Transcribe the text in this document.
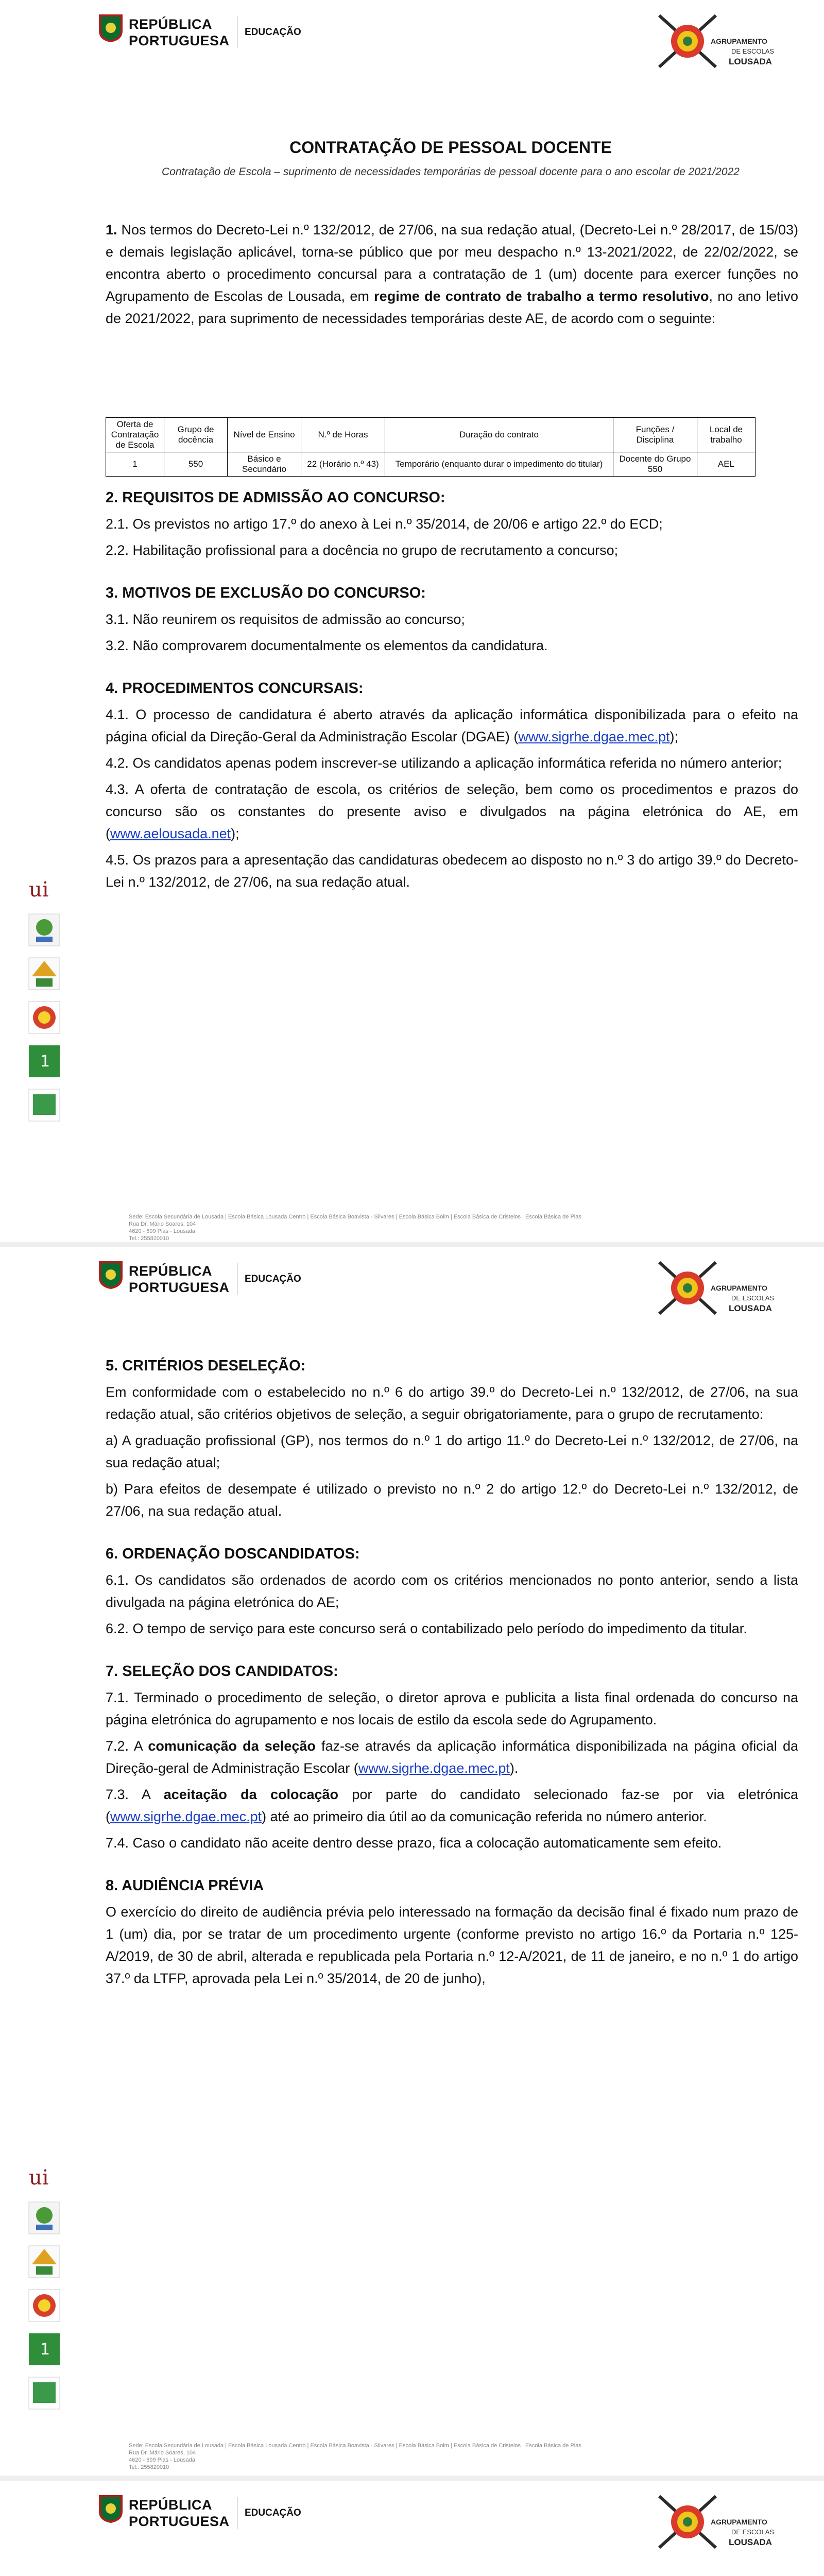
REPÚBLICA
PORTUGUESA
EDUCAÇÃO
AGRUPAMENTO
DE ESCOLAS
LOUSADA
ui
1
CONTRATAÇÃO DE PESSOAL DOCENTE
Contratação de Escola – suprimento de necessidades temporárias de pessoal docente para o ano escolar de 2021/2022

1. Nos termos do Decreto-Lei n.º 132/2012, de 27/06, na sua redação atual, (Decreto-Lei n.º 28/2017, de 15/03) e demais legislação aplicável, torna-se público que por meu despacho n.º 13-2021/2022, de 22/02/2022, se encontra aberto o procedimento concursal para a contratação de 1 (um) docente para exercer funções no Agrupamento de Escolas de Lousada, em regime de contrato de trabalho a termo resolutivo, no ano letivo de 2021/2022, para suprimento de necessidades temporárias deste AE, de acordo com o seguinte:

Oferta de Contratação de Escola	Grupo de docência	Nível de Ensino	N.º de Horas	Duração do contrato	Funções / Disciplina	Local de trabalho
1	550	Básico e Secundário	22 (Horário n.º 43)	Temporário (enquanto durar o impedimento do titular)	Docente do Grupo 550	AEL

2. REQUISITOS DE ADMISSÃO AO CONCURSO:

2.1. Os previstos no artigo 17.º do anexo à Lei n.º 35/2014, de 20/06 e artigo 22.º do ECD;

2.2. Habilitação profissional para a docência no grupo de recrutamento a concurso;

3. MOTIVOS DE EXCLUSÃO DO CONCURSO:

3.1. Não reunirem os requisitos de admissão ao concurso;

3.2. Não comprovarem documentalmente os elementos da candidatura.

4. PROCEDIMENTOS CONCURSAIS:

4.1. O processo de candidatura é aberto através da aplicação informática disponibilizada para o efeito na página oficial da Direção-Geral da Administração Escolar (DGAE) (www.sigrhe.dgae.mec.pt);

4.2. Os candidatos apenas podem inscrever-se utilizando a aplicação informática referida no número anterior;

4.3. A oferta de contratação de escola, os critérios de seleção, bem como os procedimentos e prazos do concurso são os constantes do presente aviso e divulgados na página eletrónica do AE, em (www.aelousada.net);

4.5. Os prazos para a apresentação das candidaturas obedecem ao disposto no n.º 3 do artigo 39.º do Decreto-Lei n.º 132/2012, de 27/06, na sua redação atual.

Sede: Escola Secundária de Lousada | Escola Básica Lousada Centro | Escola Básica Boavista - Silvares | Escola Básica Boim | Escola Básica de Cristelos | Escola Básica de Pias
Rua Dr. Mário Soares, 104
4620 - 699 Pias - Lousada
Tel.: 255820010
REPÚBLICA
PORTUGUESA
EDUCAÇÃO
AGRUPAMENTO
DE ESCOLAS
LOUSADA

5. CRITÉRIOS DESELEÇÃO:

Em conformidade com o estabelecido no n.º 6 do artigo 39.º do Decreto-Lei n.º 132/2012, de 27/06, na sua redação atual, são critérios objetivos de seleção, a seguir obrigatoriamente, para o grupo de recrutamento:

a) A graduação profissional (GP), nos termos do n.º 1 do artigo 11.º do Decreto-Lei n.º 132/2012, de 27/06, na sua redação atual;

b) Para efeitos de desempate é utilizado o previsto no n.º 2 do artigo 12.º do Decreto-Lei n.º 132/2012, de 27/06, na sua redação atual.

6. ORDENAÇÃO DOSCANDIDATOS:

6.1. Os candidatos são ordenados de acordo com os critérios mencionados no ponto anterior, sendo a lista divulgada na página eletrónica do AE;

6.2. O tempo de serviço para este concurso será o contabilizado pelo período do impedimento da titular.

7. SELEÇÃO DOS CANDIDATOS:

7.1. Terminado o procedimento de seleção, o diretor aprova e publicita a lista final ordenada do concurso na página eletrónica do agrupamento e nos locais de estilo da escola sede do Agrupamento.

7.2. A comunicação da seleção faz-se através da aplicação informática disponibilizada na página oficial da Direção-geral de Administração Escolar (www.sigrhe.dgae.mec.pt).

7.3. A aceitação da colocação por parte do candidato selecionado faz-se por via eletrónica (www.sigrhe.dgae.mec.pt) até ao primeiro dia útil ao da comunicação referida no número anterior.

7.4. Caso o candidato não aceite dentro desse prazo, fica a colocação automaticamente sem efeito.

8. AUDIÊNCIA PRÉVIA

O exercício do direito de audiência prévia pelo interessado na formação da decisão final é fixado num prazo de 1 (um) dia, por se tratar de um procedimento urgente (conforme previsto no artigo 16.º da Portaria n.º 125-A/2019, de 30 de abril, alterada e republicada pela Portaria n.º 12-A/2021, de 11 de janeiro, e no n.º 1 do artigo 37.º da LTFP, aprovada pela Lei n.º 35/2014, de 20 de junho),

ui
1
Sede: Escola Secundária de Lousada | Escola Básica Lousada Centro | Escola Básica Boavista - Silvares | Escola Básica Boim | Escola Básica de Cristelos | Escola Básica de Pias
Rua Dr. Mário Soares, 104
4620 - 699 Pias - Lousada
Tel.: 255820010
REPÚBLICA
PORTUGUESA
EDUCAÇÃO
AGRUPAMENTO
DE ESCOLAS
LOUSADA
